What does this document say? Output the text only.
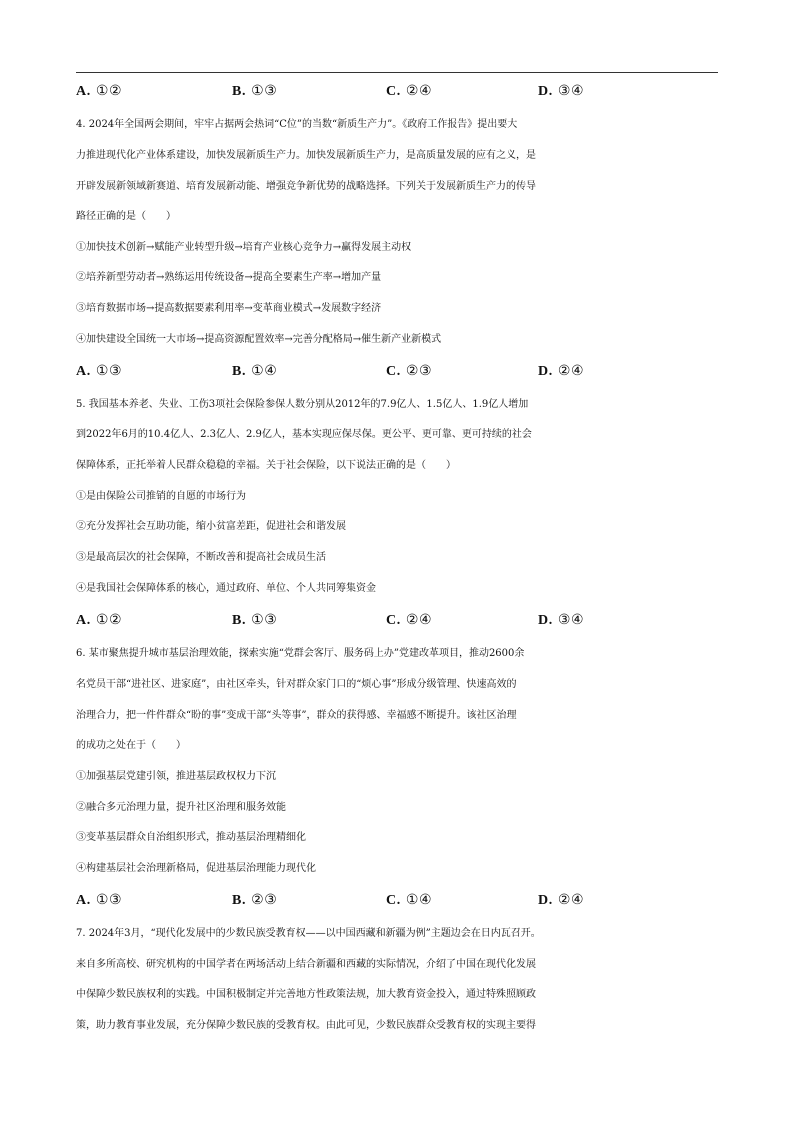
A. ①②	B. ①③	C. ②④	D. ③④
4. 2024年全国两会期间，牢牢占据两会热词“C位”的当数“新质生产力”。《政府工作报告》提出要大
力推进现代化产业体系建设，加快发展新质生产力。加快发展新质生产力，是高质量发展的应有之义，是
开辟发展新领域新赛道、培育发展新动能、增强竞争新优势的战略选择。下列关于发展新质生产力的传导
路径正确的是（　　）
①加快技术创新→赋能产业转型升级→培育产业核心竞争力→赢得发展主动权
②培养新型劳动者→熟练运用传统设备→提高全要素生产率→增加产量
③培育数据市场→提高数据要素利用率→变革商业模式→发展数字经济
④加快建设全国统一大市场→提高资源配置效率→完善分配格局→催生新产业新模式
A. ①③	B. ①④	C. ②③	D. ②④
5. 我国基本养老、失业、工伤3项社会保险参保人数分别从2012年的7.9亿人、1.5亿人、1.9亿人增加
到2022年6月的10.4亿人、2.3亿人、2.9亿人，基本实现应保尽保。更公平、更可靠、更可持续的社会
保障体系，正托举着人民群众稳稳的幸福。关于社会保险，以下说法正确的是（　　）
①是由保险公司推销的自愿的市场行为
②充分发挥社会互助功能，缩小贫富差距，促进社会和谐发展
③是最高层次的社会保障，不断改善和提高社会成员生活
④是我国社会保障体系的核心，通过政府、单位、个人共同筹集资金
A. ①②	B. ①③	C. ②④	D. ③④
6. 某市聚焦提升城市基层治理效能，探索实施“党群会客厅、服务码上办”党建改革项目，推动2600余
名党员干部“进社区、进家庭”，由社区牵头，针对群众家门口的“烦心事”形成分级管理、快速高效的
治理合力，把一件件群众“盼的事”变成干部“头等事”，群众的获得感、幸福感不断提升。该社区治理
的成功之处在于（　　）
①加强基层党建引领，推进基层政权权力下沉
②融合多元治理力量，提升社区治理和服务效能
③变革基层群众自治组织形式，推动基层治理精细化
④构建基层社会治理新格局，促进基层治理能力现代化
A. ①③	B. ②③	C. ①④	D. ②④
7. 2024年3月，“现代化发展中的少数民族受教育权——以中国西藏和新疆为例”主题边会在日内瓦召开。
来自多所高校、研究机构的中国学者在两场活动上结合新疆和西藏的实际情况，介绍了中国在现代化发展
中保障少数民族权利的实践。中国积极制定并完善地方性政策法规，加大教育资金投入，通过特殊照顾政
策，助力教育事业发展，充分保障少数民族的受教育权。由此可见，少数民族群众受教育权的实现主要得
